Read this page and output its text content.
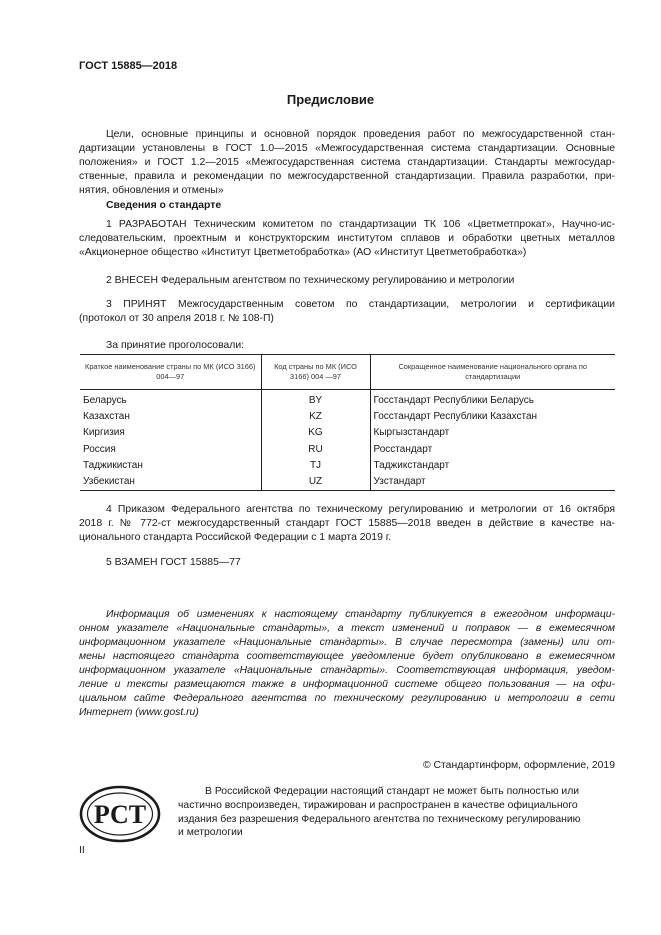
ГОСТ 15885—2018
Предисловие
Цели, основные принципы и основной порядок проведения работ по межгосударственной стан-
дартизации установлены в ГОСТ 1.0—2015 «Межгосударственная система стандартизации. Основные
положения» и ГОСТ 1.2—2015 «Межгосударственная система стандартизации. Стандарты межгосудар-
ственные, правила и рекомендации по межгосударственной стандартизации. Правила разработки, при-
нятия, обновления и отмены»
Сведения о стандарте
1 РАЗРАБОТАН Техническим комитетом по стандартизации ТК 106 «Цветметпрокат», Научно-ис-
следовательским, проектным и конструкторским институтом сплавов и обработки цветных металлов
«Акционерное общество «Институт Цветметобработка» (АО «Институт Цветметобработка»)
2 ВНЕСЕН Федеральным агентством по техническому регулированию и метрологии
3 ПРИНЯТ Межгосударственным советом по стандартизации, метрологии и сертификации
(протокол от 30 апреля 2018 г. № 108-П)
За принятие проголосовали:
Краткое наименование страны по МК (ИСО 3166) 004—97	Код страны по МК (ИСО 3166) 004 —97	Сокращенное наименование национального органа по стандартизации
Беларусь	BY	Госстандарт Республики Беларусь
Казахстан	KZ	Госстандарт Республики Казахстан
Киргизия	KG	Кыргызстандарт
Россия	RU	Росстандарт
Таджикистан	TJ	Таджикстандарт
Узбекистан	UZ	Узстандарт
4 Приказом Федерального агентства по техническому регулированию и метрологии от 16 октября
2018 г. № 772-ст межгосударственный стандарт ГОСТ 15885—2018 введен в действие в качестве на-
ционального стандарта Российской Федерации с 1 марта 2019 г.
5 ВЗАМЕН ГОСТ 15885—77
Информация об изменениях к настоящему стандарту публикуется в ежегодном информаци-
онном указателе «Национальные стандарты», а текст изменений и поправок — в ежемесячном
информационном указателе «Национальные стандарты». В случае пересмотра (замены) или от-
мены настоящего стандарта соответствующее уведомление будет опубликовано в ежемесячном
информационном указателе «Национальные стандарты». Соответствующая информация, уведом-
ление и тексты размещаются также в информационной системе общего пользования — на офи-
циальном сайте Федерального агентства по техническому регулированию и метрологии в сети
Интернет (www.gost.ru)
© Стандартинформ, оформление, 2019
РСТ
В Российской Федерации настоящий стандарт не может быть полностью или
частично воспроизведен, тиражирован и распространен в качестве официального
издания без разрешения Федерального агентства по техническому регулированию
и метрологии
II
